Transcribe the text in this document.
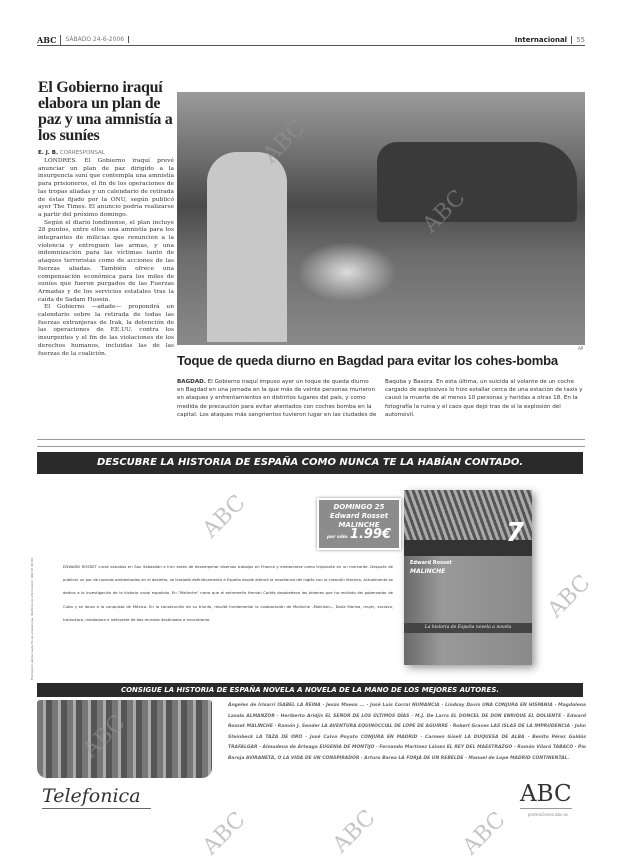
ABC	SÁBADO 24-6-2006	Internacional	55
El Gobierno iraquí elabora un plan de paz y una amnistía a los suníes
E. J. B. CORRESPONSAL

LONDRES. El Gobierno iraquí prevé anunciar un plan de paz dirigido a la insurgencia suní que contempla una amnistía para prisioneros, el fin de los operaciones de las tropas aliadas y un calendario de retirada de éstas fijado por la ONU, según publicó ayer The Times. El anuncio podría realizarse a partir del próximo domingo.

Según el diario londinense, el plan incluye 28 puntos, entre ellos una amnistía para los integrantes de milicias que renuncien a la violencia y entreguen las armas, y una indemnización para las víctimas tanto de ataques terroristas como de acciones de las fuerzas aliadas. También ofrece una compensación económica para los miles de suníes que fueron purgados de las Fuerzas Armadas y de los servicios estatales tras la caída de Sadam Husein.

El Gobierno —añade— propondrá un calendario sobre la retirada de todas las fuerzas extranjeras de Irak, la detención de las operaciones de EE.UU. contra los insurgentes y el fin de las violaciones de los derechos humanos, incluidas las de las fuerzas de la coalición.

AP
Toque de queda diurno en Bagdad para evitar los cohes-bomba
BAGDAD. El Gobierno iraquí impuso ayer un toque de queda diurno en Bagdad en una jornada en la que más de veinte personas murieron en ataques y enfrentamientos en distintos lugares del país, y como medida de precaución para evitar atentados con coches bomba en la capital. Los ataques más sangrientos tuvieron lugar en las ciudades de Baquba y Basora. En esta última, un suicida al volante de un coche cargado de explosivos lo hizo estallar cerca de una estación de taxis y causó la muerte de al menos 10 personas y heridas a otras 18. En la fotografía la ruina y el caos que dejó tras de sí la explosión del automóvil.
DESCUBRE LA HISTORIA DE ESPAÑA COMO NUNCA TE LA HABÍAN CONTADO.
Promoción válida hasta fin de existencias. Teléfono de información: 902 13 40 00.
DOMINGO 25
Edward Rosset
MALINCHE
por sólo 1.99€	7
Edward Rosset
MALINCHE
La historia de España novela a novela
EDWARD ROSSET cursó estudios en San Sebastián e Irún antes de desempeñar diversos trabajos en Francia y embarcarse como tripulante en un mercante. Después de publicar un par de novelas ambientadas en el desierto, se trasladó definitivamente a España donde alternó la enseñanza del inglés con la creación literaria. Actualmente se dedica a la investigación de la historia naval española. En "Malinche" narra que el extremeño Hernán Cortés desobedece las órdenes que ha recibido del gobernador de Cuba y se lanza a la conquista de México. En la consecución de su triunfo, resultó fundamental la colaboración de Malinche –Malintzin–, Doña Marina, mujer, esclava, traductora, mediadora e intérprete de dos mundos destinados a encontrarse.
CONSIGUE LA HISTORIA DE ESPAÑA NOVELA A NOVELA DE LA MANO DE LOS MEJORES AUTORES.
Ángeles de Irisarri ISABEL LA REINA · Jesús Maeso ... · José Luis Corral NUMANCIA · Lindsay Davis UNA CONJURA EN HISPANIA · Magdalena Lasala ALMANZOR · Heriberto Aridjis EL SEÑOR DE LOS ÚLTIMOS DÍAS · M.J. De Larra EL DONCEL DE DON ENRIQUE EL DOLIENTE · Edward Rosset MALINCHE · Ramón J. Sender LA AVENTURA EQUINOCCIAL DE LOPE DE AGUIRRE · Robert Graves LAS ISLAS DE LA IMPRUDENCIA · John Steinbeck LA TAZA DE ORO · José Calvo Poyato CONJURA EN MADRID · Carmen Gisell LA DUQUESA DE ALBA · Benito Pérez Galdós TRAFALGAR · Almudena de Arteaga EUGENIA DE MONTIJO · Fernando Martínez Láinez EL REY DEL MAESTRAZGO · Ramón Vilaró TABACO · Pío Baroja AVIRANETA, O LA VIDA DE UN CONSPIRADOR · Arturo Barea LA FORJA DE UN REBELDE · Manuel de Lope MADRID CONTINENTAL.
Telefonica	ABC
promociones.abc.es
ABC
ABC
ABC
ABC
ABC
ABC
ABC	ABC
